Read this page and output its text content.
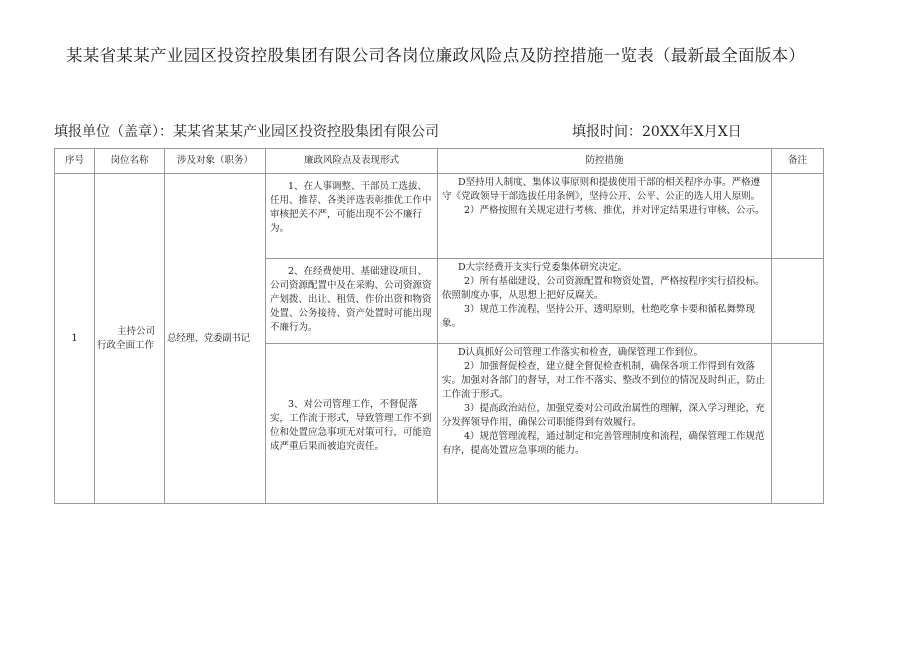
某某省某某产业园区投资控股集团有限公司各岗位廉政风险点及防控措施一览表（最新最全面版本）
填报单位（盖章）：某某省某某产业园区投资控股集团有限公司	填报时间：20XX年X月X日
序号	岗位名称	涉及对象（职务）	廉政风险点及表现形式	防控措施	备注
1	主持公司行政全面工作	总经理、党委副书记	1、在人事调整、干部员工选拔、任用、推荐、各类评选表彰推优工作中审核把关不严，可能出现不公不廉行为。	D坚持用人制度、集体议事原则和提拔使用干部的相关程序办事。严格遵守《党政领导干部选拔任用条例》，坚持公开、公平、公正的选人用人原则。

2）严格按照有关规定进行考核、推优，并对评定结果进行审核、公示。	

			2、在经费使用、基础建设项目、公司资源配置中及在采购、公司资源资产划拨、出让、租赁、作价出资和物资处置、公务接待、资产处置时可能出现不廉行为。	D大宗经费开支实行党委集体研究决定。

2）所有基础建设、公司资源配置和物资处置，严格按程序实行招投标。依照制度办事，从思想上把好反腐关。

3）规范工作流程，坚持公开、透明原则，杜绝吃拿卡要和循私舞弊现象。	

			3、对公司管理工作，不督促落实，工作流于形式，导致管理工作不到位和处置应急事项无对策可行，可能造成严重后果而被追究责任。	D认真抓好公司管理工作落实和检查，确保管理工作到位。

2）加强督促检查，建立健全督促检查机制，确保各项工作得到有效落实。加强对各部门的督导，对工作不落实、整改不到位的情况及时纠正，防止工作流于形式。

3）提高政治站位，加强党委对公司政治属性的理解，深入学习理论，充分发挥领导作用，确保公司职能得到有效履行。

4）规范管理流程，通过制定和完善管理制度和流程，确保管理工作规范有序，提高处置应急事项的能力。	
